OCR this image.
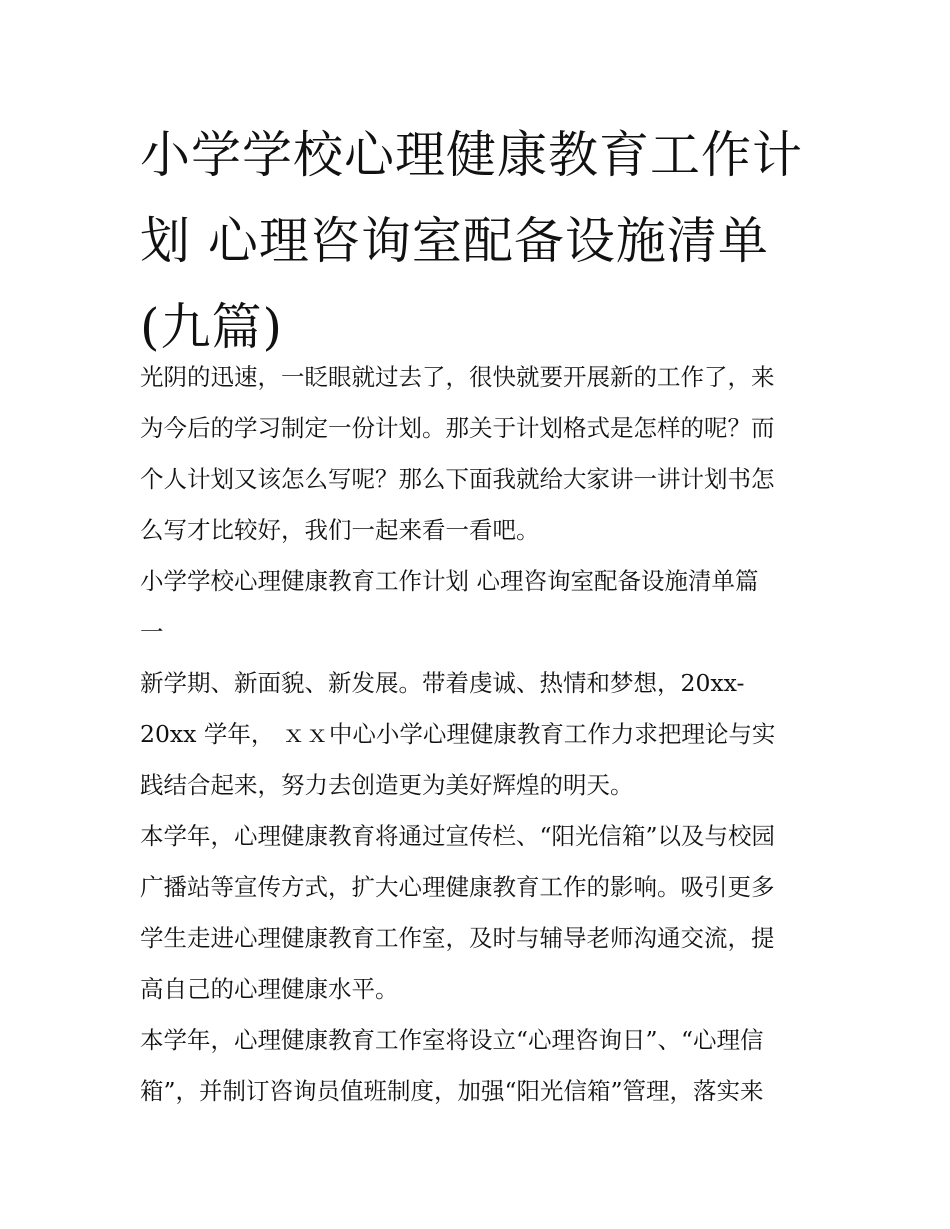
小学学校心理健康教育工作计
划 心理咨询室配备设施清单
(九篇)
光阴的迅速，一眨眼就过去了，很快就要开展新的工作了，来
为今后的学习制定一份计划。那关于计划格式是怎样的呢？而
个人计划又该怎么写呢？那么下面我就给大家讲一讲计划书怎
么写才比较好，我们一起来看一看吧。
小学学校心理健康教育工作计划 心理咨询室配备设施清单篇
一
新学期、新面貌、新发展。带着虔诚、热情和梦想，20xx-
20xx 学年， ｘｘ中心小学心理健康教育工作力求把理论与实
践结合起来，努力去创造更为美好辉煌的明天。
本学年，心理健康教育将通过宣传栏、“阳光信箱”以及与校园
广播站等宣传方式，扩大心理健康教育工作的影响。吸引更多
学生走进心理健康教育工作室，及时与辅导老师沟通交流，提
高自己的心理健康水平。
本学年，心理健康教育工作室将设立“心理咨询日”、“心理信
箱”，并制订咨询员值班制度，加强“阳光信箱”管理，落实来
